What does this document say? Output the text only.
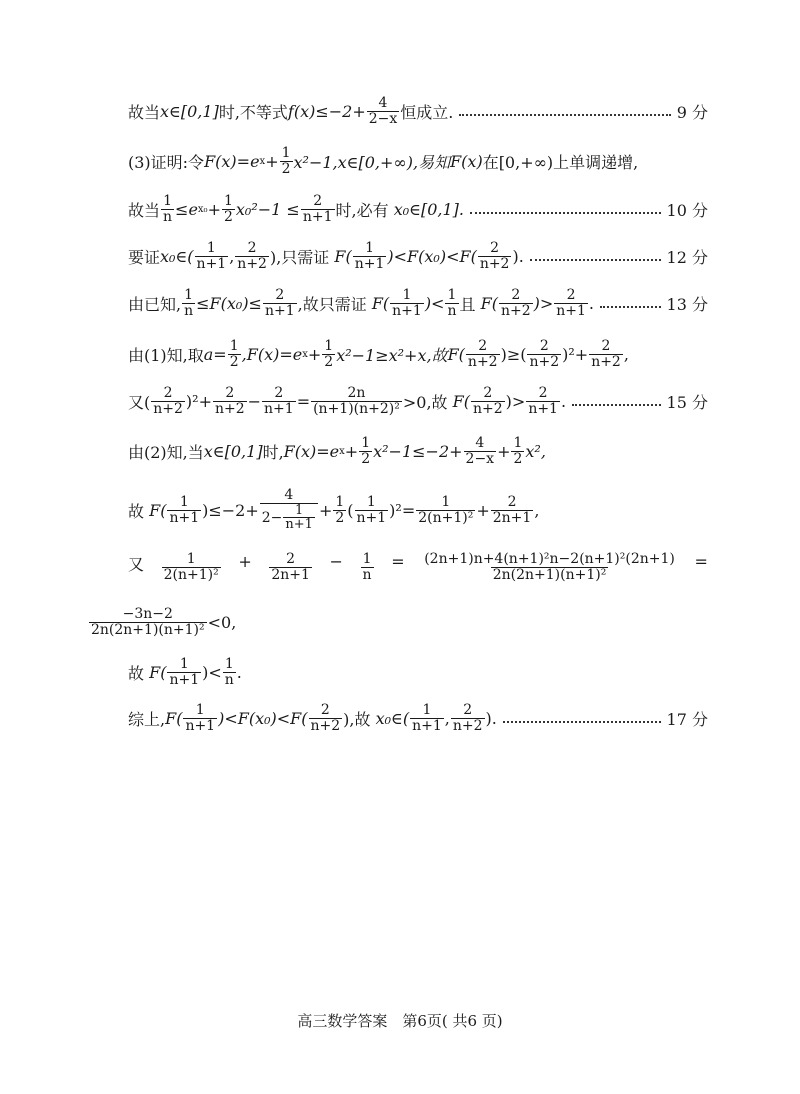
故当 x∈[0,1] 时,不等式 $f(x)\le-2+ \frac{4}{2-x}$ 恒成立.	9 分
(3)证明:令 F(x)=e $x + \frac{1}{2}$ x²−1,x∈[0,+∞),易知 F(x) 在[0,+∞)上单调递增,
故当 $\frac{1}{n} \le e$ $x_0 + \frac{1}{2} x_0^2-1 \le \frac{2}{n+1}$ 时,必有
x₀∈[0,1].	10 分
要证 x₀∈( $\frac{1}{n+1}$ , $\frac{2}{n+2}$ ),只需证
$F( \frac{1}{n+1} )<F(x_0)<F( \frac{2}{n+2}$ ).	12 分
由已知, $\frac{1}{n} \le F(x_0)\le \frac{2}{n+1}$ ,故只需证
$F( \frac{1}{n+1}$ )< $\frac{1}{n}$ 且
$F( \frac{2}{n+2}$ )> $\frac{2}{n+1}$ .	13 分
由(1)知,取 $a= \frac{1}{2} ,F(x)=e$ $x + \frac{1}{2} x^2-1\ge x^2+x$,故 $F( \frac{2}{n+2}$ )≥( $\frac{2}{n+2} )^2+ \frac{2}{n+2}$ ,
又( $\frac{2}{n+2} )^2+ \frac{2}{n+2} - \frac{2}{n+1} = \frac{2n}{\text{(n+1)(n+2)²}} >0$,故
$F( \frac{2}{n+2}$ )> $\frac{2}{n+1}$ .	15 分
由(2)知,当 x∈[0,1] 时, F(x)=e $x + \frac{1}{2} x^2-1\le-2+ \frac{4}{2-x} + \frac{1}{2} x^2$,
故
$F( \frac{1}{n+1} )\le-2+ \frac{4}{2- \frac{1}{n+1}} + \frac{1}{2}$ ( $\frac{1}{n+1} )^2= \frac{1}{\text{2(n+1)²}} + \frac{2}{2n+1}$ ,
又 $\frac{1}{\text{2(n+1)²}} + \frac{2}{2n+1} - \frac{1}{n} = \frac{\text{(2n+1)n+4(n+1)²n−2(n+1)²(2n+1)}}{\text{2n(2n+1)(n+1)²}}$ =
$\frac{-3n-2}{\text{2n(2n+1)(n+1)²}} <0$,
故
$F( \frac{1}{n+1}$ )< $\frac{1}{n}$ .
综上, $F( \frac{1}{n+1} )<F(x_0)<F( \frac{2}{n+2}$ ),故
x₀∈( $\frac{1}{n+1}$ , $\frac{2}{n+2}$ ).	17 分
高三数学答案　第6页( 共6 页)
